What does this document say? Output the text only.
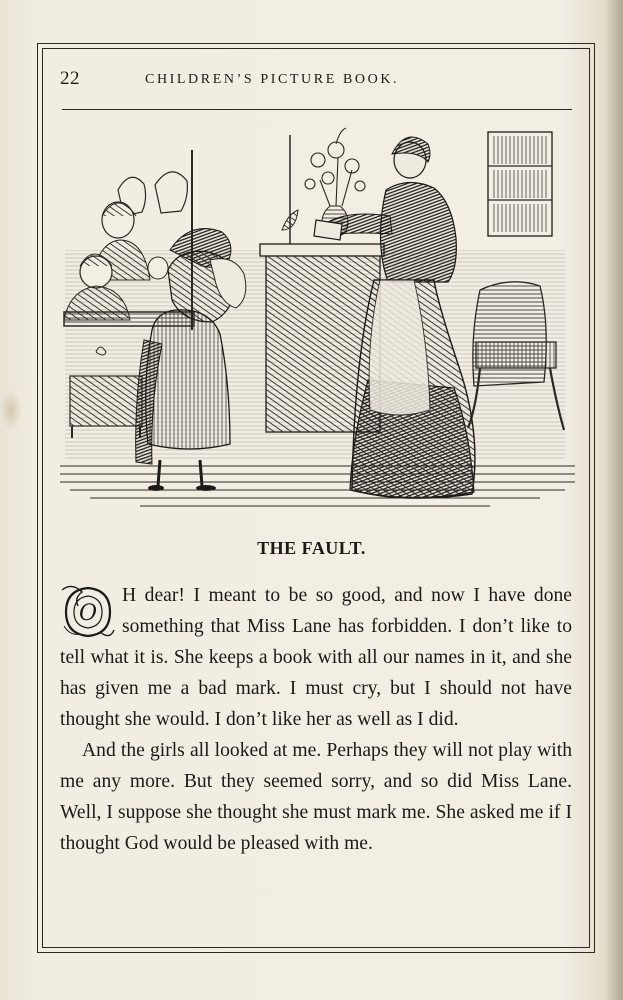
22	CHILDREN’S PICTURE BOOK.
THE FAULT.

O
H dear! I meant to be so good, and now I have done something that Miss Lane has forbidden. I don’t like to tell what it is. She keeps a book with all our names in it, and she has given me a bad mark. I must cry, but I should not have thought she would. I don’t like her as well as I did.

And the girls all looked at me. Perhaps they will not play with me any more. But they seemed sorry, and so did Miss Lane. Well, I suppose she thought she must mark me. She asked me if I thought God would be pleased with me.
